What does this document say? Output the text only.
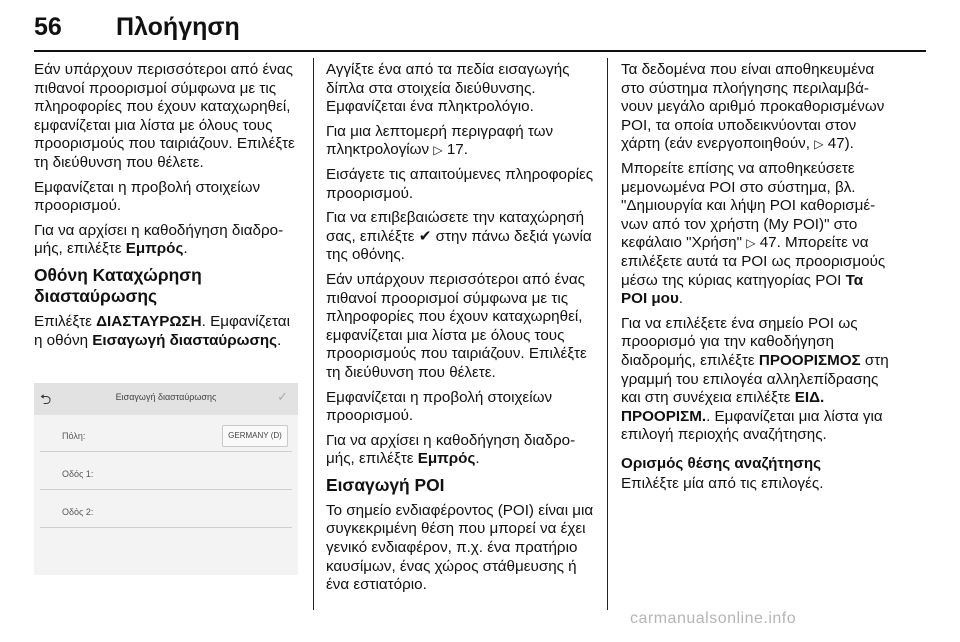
56 Πλοήγηση

Εάν υπάρχουν περισσότεροι από ένας πιθανοί προορισμοί σύμφωνα με τις πληροφορίες που έχουν καταχωρηθεί, εμφανίζεται μια λίστα με όλους τους προορισμούς που ταιριάζουν. Επιλέξτε τη διεύθυνση που θέλετε.

Εμφανίζεται η προβολή στοιχείων προορισμού.

Για να αρχίσει η καθοδήγηση διαδρομής, επιλέξτε Εμπρός.

Οθόνη Καταχώρηση
διασταύρωσης

Επιλέξτε ΔΙΑΣΤΑΥΡΩΣΗ. Εμφανίζεται η οθόνη Εισαγωγή διασταύρωσης.

⮌	Εισαγωγή διασταύρωσης	✓
Πόλη:	GERMANY (D)
Οδός 1:
Οδός 2:

Αγγίξτε ένα από τα πεδία εισαγωγής δίπλα στα στοιχεία διεύθυνσης. Εμφανίζεται ένα πληκτρολόγιο.

Για μια λεπτομερή περιγραφή των πληκτρολογίων ▷ 17.

Εισάγετε τις απαιτούμενες πληροφορίες προορισμού.

Για να επιβεβαιώσετε την καταχώρησή σας, επιλέξτε ✔ στην πάνω δεξιά γωνία της οθόνης.

Εάν υπάρχουν περισσότεροι από ένας πιθανοί προορισμοί σύμφωνα με τις πληροφορίες που έχουν καταχωρηθεί, εμφανίζεται μια λίστα με όλους τους προορισμούς που ταιριάζουν. Επιλέξτε τη διεύθυνση που θέλετε.

Εμφανίζεται η προβολή στοιχείων προορισμού.

Για να αρχίσει η καθοδήγηση διαδρομής, επιλέξτε Εμπρός.

Εισαγωγή POI

Το σημείο ενδιαφέροντος (POI) είναι μια συγκεκριμένη θέση που μπορεί να έχει γενικό ενδιαφέρον, π.χ. ένα πρατήριο καυσίμων, ένας χώρος στάθμευσης ή ένα εστιατόριο.

Τα δεδομένα που είναι αποθηκευμένα στο σύστημα πλοήγησης περιλαμβάνουν μεγάλο αριθμό προκαθορισμένων POI, τα οποία υποδεικνύονται στον χάρτη (εάν ενεργοποιηθούν, ▷ 47).

Μπορείτε επίσης να αποθηκεύσετε μεμονωμένα POI στο σύστημα, βλ. "Δημιουργία και λήψη POI καθορισμένων από τον χρήστη (My POI)" στο κεφάλαιο "Χρήση" ▷ 47. Μπορείτε να επιλέξετε αυτά τα POI ως προορισμούς μέσω της κύριας κατηγορίας POI Τα POI μου.

Για να επιλέξετε ένα σημείο POI ως προορισμό για την καθοδήγηση διαδρομής, επιλέξτε ΠΡΟΟΡΙΣΜΟΣ στη γραμμή του επιλογέα αλληλεπίδρασης και στη συνέχεια επιλέξτε ΕΙΔ. ΠΡΟΟΡΙΣΜ.. Εμφανίζεται μια λίστα για επιλογή περιοχής αναζήτησης.

Ορισμός θέσης αναζήτησης

Επιλέξτε μία από τις επιλογές.

carmanualsonline.info
